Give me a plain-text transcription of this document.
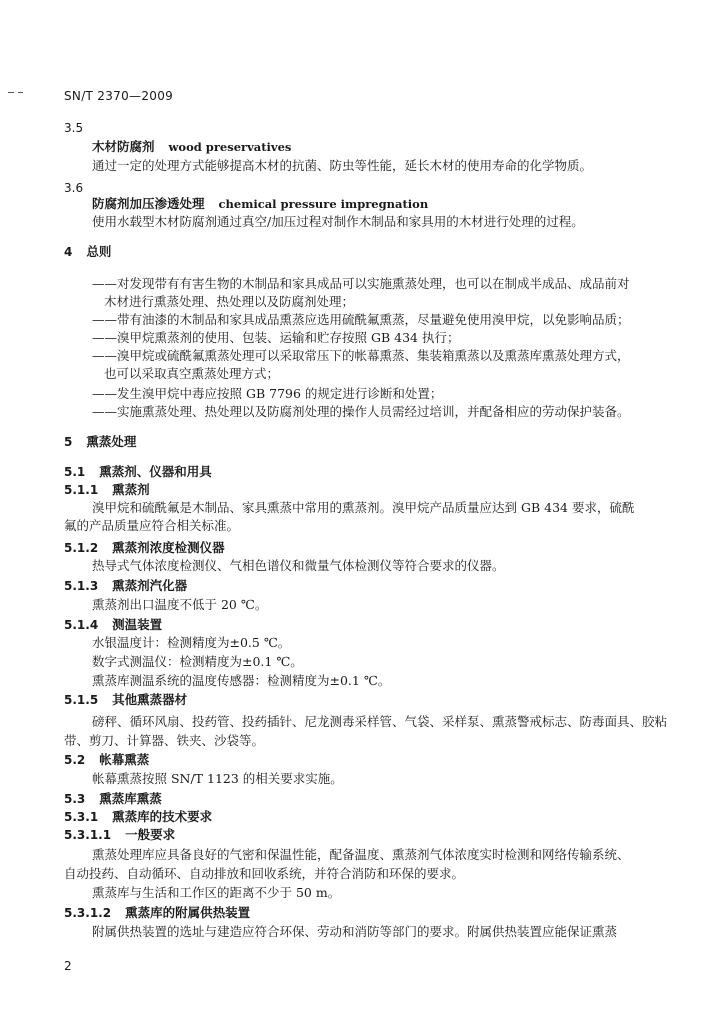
SN/T 2370—2009
3.5
木材防腐剂 wood preservatives
通过一定的处理方式能够提高木材的抗菌、防虫等性能，延长木材的使用寿命的化学物质。
3.6
防腐剂加压渗透处理 chemical pressure impregnation
使用水载型木材防腐剂通过真空/加压过程对制作木制品和家具用的木材进行处理的过程。
4 总则
——对发现带有有害生物的木制品和家具成品可以实施熏蒸处理，也可以在制成半成品、成品前对
木材进行熏蒸处理、热处理以及防腐剂处理；
——带有油漆的木制品和家具成品熏蒸应选用硫酰氟熏蒸，尽量避免使用溴甲烷，以免影响品质；
——溴甲烷熏蒸剂的使用、包装、运输和贮存按照 GB 434 执行；
——溴甲烷或硫酰氟熏蒸处理可以采取常压下的帐幕熏蒸、集装箱熏蒸以及熏蒸库熏蒸处理方式，
也可以采取真空熏蒸处理方式；
——发生溴甲烷中毒应按照 GB 7796 的规定进行诊断和处置；
——实施熏蒸处理、热处理以及防腐剂处理的操作人员需经过培训，并配备相应的劳动保护装备。
5 熏蒸处理
5.1 熏蒸剂、仪器和用具
5.1.1 熏蒸剂
溴甲烷和硫酰氟是木制品、家具熏蒸中常用的熏蒸剂。溴甲烷产品质量应达到 GB 434 要求，硫酰
氟的产品质量应符合相关标准。
5.1.2 熏蒸剂浓度检测仪器
热导式气体浓度检测仪、气相色谱仪和微量气体检测仪等符合要求的仪器。
5.1.3 熏蒸剂汽化器
熏蒸剂出口温度不低于 20 ℃。
5.1.4 测温装置
水银温度计：检测精度为±0.5 ℃。
数字式测温仪：检测精度为±0.1 ℃。
熏蒸库测温系统的温度传感器：检测精度为±0.1 ℃。
5.1.5 其他熏蒸器材
磅秤、循环风扇、投药管、投药插针、尼龙测毒采样管、气袋、采样泵、熏蒸警戒标志、防毒面具、胶粘
带、剪刀、计算器、铁夹、沙袋等。
5.2 帐幕熏蒸
帐幕熏蒸按照 SN/T 1123 的相关要求实施。
5.3 熏蒸库熏蒸
5.3.1 熏蒸库的技术要求
5.3.1.1 一般要求
熏蒸处理库应具备良好的气密和保温性能，配备温度、熏蒸剂气体浓度实时检测和网络传输系统、
自动投药、自动循环、自动排放和回收系统，并符合消防和环保的要求。
熏蒸库与生活和工作区的距离不少于 50 m。
5.3.1.2 熏蒸库的附属供热装置
附属供热装置的选址与建造应符合环保、劳动和消防等部门的要求。附属供热装置应能保证熏蒸
2
